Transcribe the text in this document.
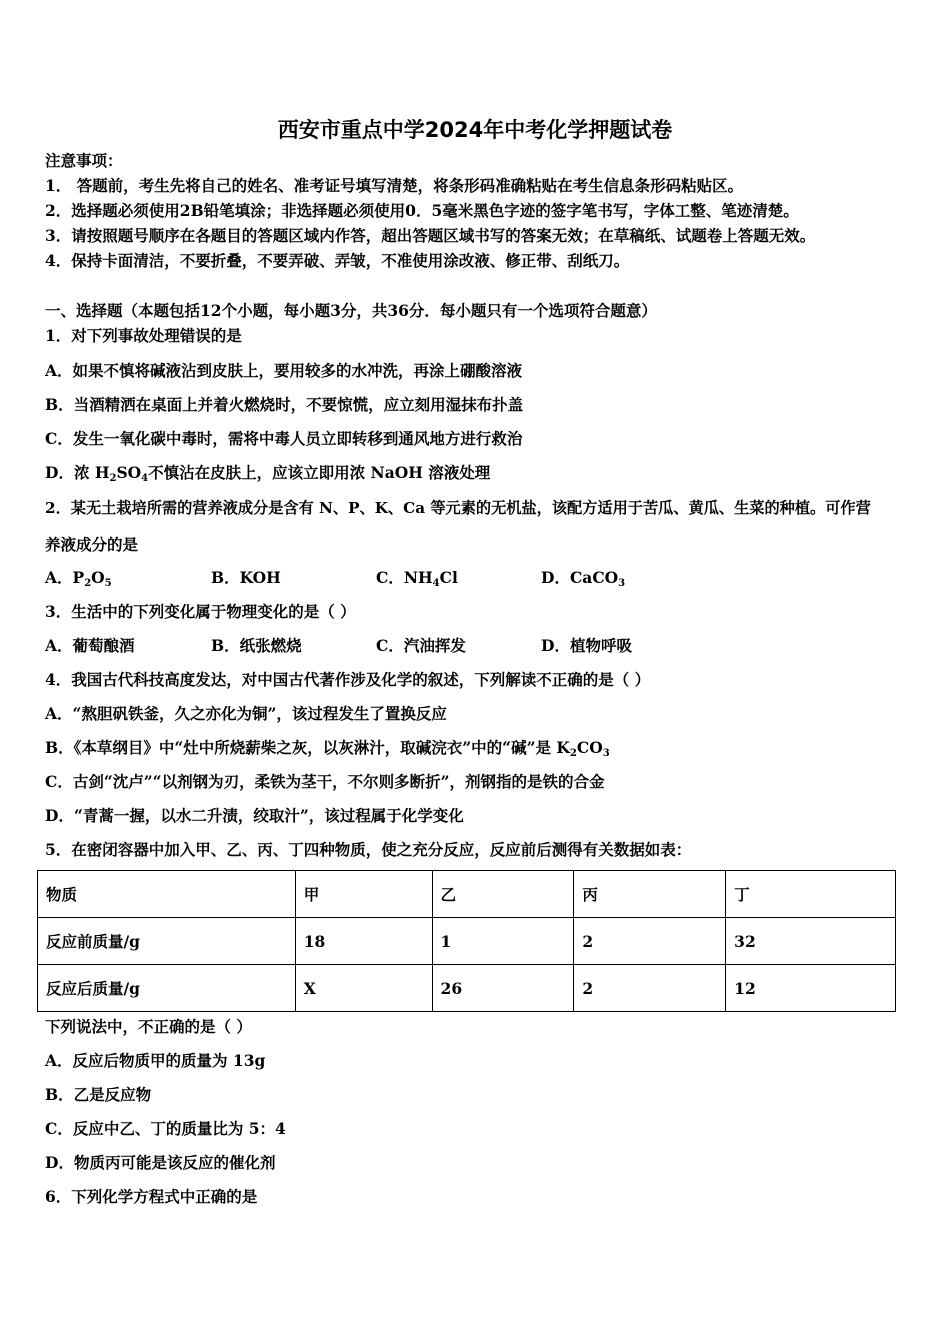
西安市重点中学2024年中考化学押题试卷
注意事项：
1． 答题前，考生先将自己的姓名、准考证号填写清楚，将条形码准确粘贴在考生信息条形码粘贴区。
2．选择题必须使用2B铅笔填涂；非选择题必须使用0．5毫米黑色字迹的签字笔书写，字体工整、笔迹清楚。
3．请按照题号顺序在各题目的答题区域内作答，超出答题区域书写的答案无效；在草稿纸、试题卷上答题无效。
4．保持卡面清洁，不要折叠，不要弄破、弄皱，不准使用涂改液、修正带、刮纸刀。
一、选择题（本题包括12个小题，每小题3分，共36分．每小题只有一个选项符合题意）
1．对下列事故处理错误的是
A．如果不慎将碱液沾到皮肤上，要用较多的水冲洗，再涂上硼酸溶液
B．当酒精洒在桌面上并着火燃烧时，不要惊慌，应立刻用湿抹布扑盖
C．发生一氧化碳中毒时，需将中毒人员立即转移到通风地方进行救治
D．浓 $H_2SO_4$不慎沾在皮肤上，应该立即用浓 NaOH 溶液处理
2．某无土栽培所需的营养液成分是含有 N、P、K、Ca 等元素的无机盐，该配方适用于苦瓜、黄瓜、生菜的种植。可作营
养液成分的是
A．$P_2O_5$	B．KOH	C．$NH_4Cl$	D．CaCO$_3$
3．生活中的下列变化属于物理变化的是（ ）
A．葡萄酿酒	B．纸张燃烧	C．汽油挥发	D．植物呼吸
4．我国古代科技高度发达，对中国古代著作涉及化学的叙述，下列解读不正确的是（ ）
A．“熬胆矾铁釜，久之亦化为铜”，该过程发生了置换反应
B．《本草纲目》中“灶中所烧薪柴之灰，以灰淋汁，取碱浣衣”中的“碱”是 $K_2CO_3$
C．古剑“沈卢”“以剂钢为刃，柔铁为茎干，不尔则多断折”，剂钢指的是铁的合金
D．“青蒿一握，以水二升渍，绞取汁”，该过程属于化学变化
5．在密闭容器中加入甲、乙、丙、丁四种物质，使之充分反应，反应前后测得有关数据如表：
物质	甲	乙	丙	丁
反应前质量/g	18	1	2	32
反应后质量/g	X	26	2	12
下列说法中，不正确的是（ ）
A．反应后物质甲的质量为 13g
B．乙是反应物
C．反应中乙、丁的质量比为 5：4
D．物质丙可能是该反应的催化剂
6．下列化学方程式中正确的是
